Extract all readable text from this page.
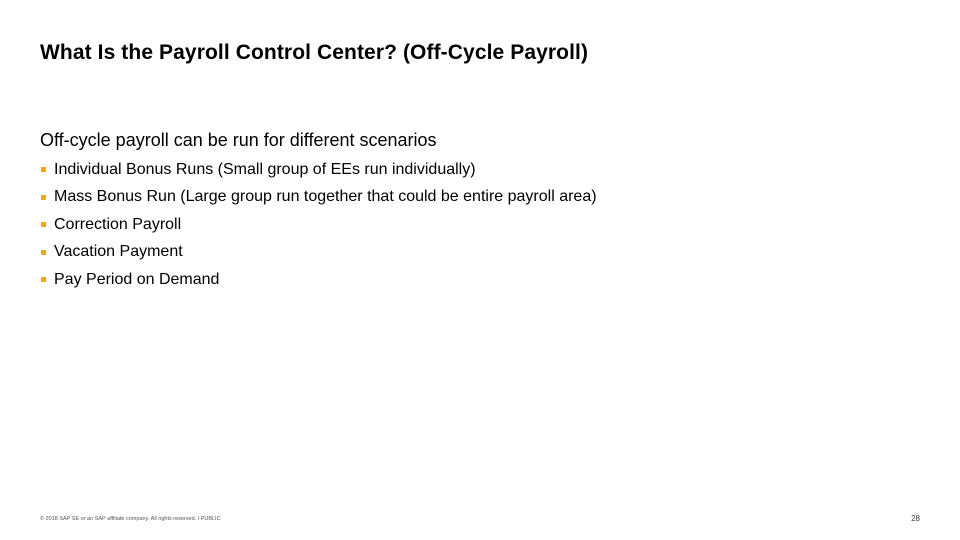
What Is the Payroll Control Center? (Off-Cycle Payroll)
Off-cycle payroll can be run for different scenarios
Individual Bonus Runs (Small group of EEs run individually)
Mass Bonus Run (Large group run together that could be entire payroll area)
Correction Payroll
Vacation Payment
Pay Period on Demand
© 2018 SAP SE or an SAP affiliate company. All rights reserved. ǀ PUBLIC	28
